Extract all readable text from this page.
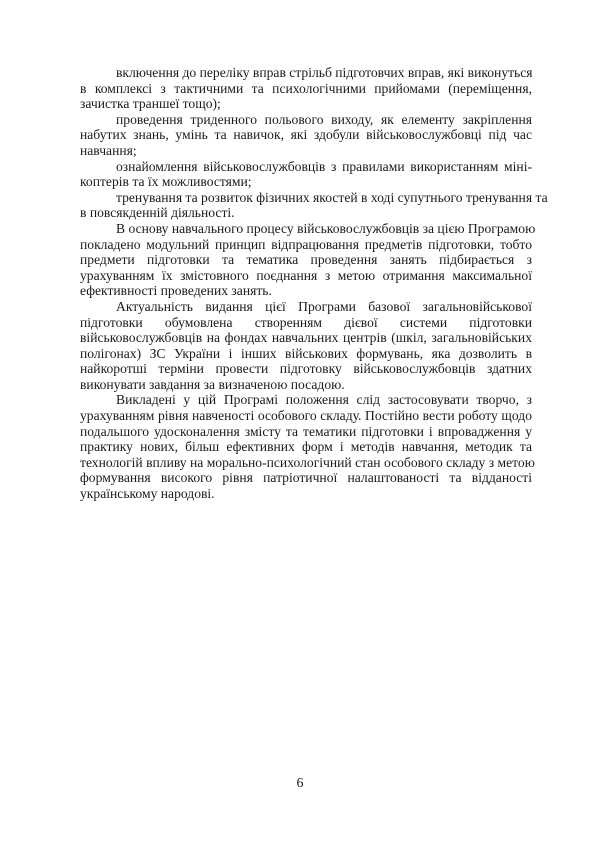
включення до переліку вправ стрільб підготовчих вправ, які виконуться
в комплексі з тактичними та психологічними прийомами (переміщення,
зачистка траншеї тощо);

проведення триденного польового виходу, як елементу закріплення
набутих знань, умінь та навичок, які здобули військовослужбовці під час
навчання;

ознайомлення військовослужбовців з правилами використанням міні-
коптерів та їх можливостями;

тренування та розвиток фізичних якостей в ході супутнього тренування та
в повсякденній діяльності.

В основу навчального процесу військовослужбовців за цією Програмою
покладено модульний принцип відпрацювання предметів підготовки, тобто
предмети підготовки та тематика проведення занять підбирається з
урахуванням їх змістовного поєднання з метою отримання максимальної
ефективності проведених занять.

Актуальність видання цієї Програми базової загальновійськової
підготовки обумовлена створенням дієвої системи підготовки
військовослужбовців на фондах навчальних центрів (шкіл, загальновійських
полігонах) ЗС України і інших військових формувань, яка дозволить в
найкоротші терміни провести підготовку військовослужбовців здатних
виконувати завдання за визначеною посадою.

Викладені у цій Програмі положення слід застосовувати творчо, з
урахуванням рівня навченості особового складу. Постійно вести роботу щодо
подальшого удосконалення змісту та тематики підготовки і впровадження у
практику нових, більш ефективних форм і методів навчання, методик та
технологій впливу на морально-психологічний стан особового складу з метою
формування високого рівня патріотичної налаштованості та відданості
українському народові.

6
